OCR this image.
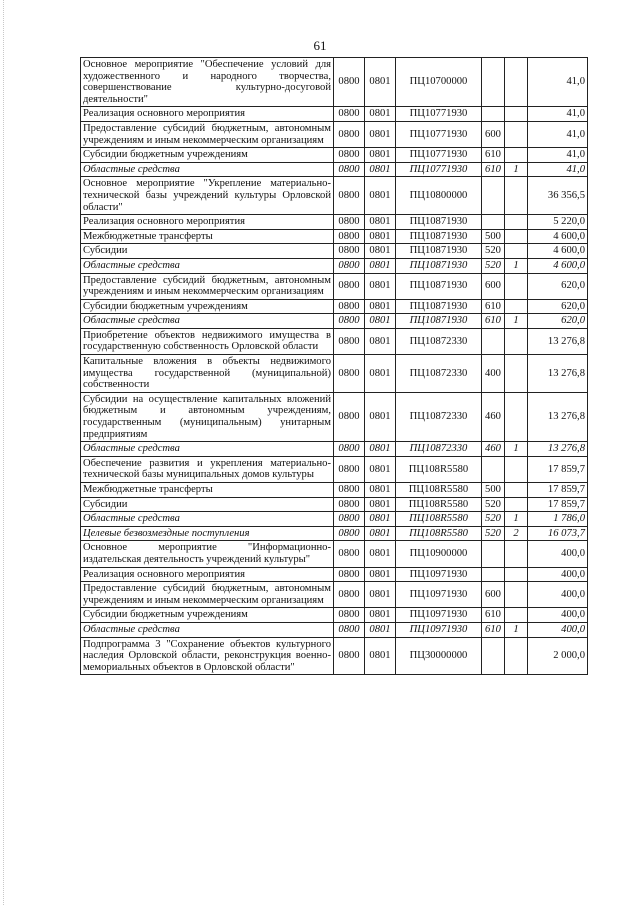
61
Основное мероприятие "Обеспечение условий для художественного и народного творчества, совершенствование культурно-досуговой деятельности"	0800	0801	ПЦ10700000			41,0
Реализация основного мероприятия	0800	0801	ПЦ10771930			41,0
Предоставление субсидий бюджетным, автономным учреждениям и иным некоммерческим организациям	0800	0801	ПЦ10771930	600		41,0
Субсидии бюджетным учреждениям	0800	0801	ПЦ10771930	610		41,0
Областные средства	0800	0801	ПЦ10771930	610	1	41,0
Основное мероприятие "Укрепление материально-технической базы учреждений культуры Орловской области"	0800	0801	ПЦ10800000			36 356,5
Реализация основного мероприятия	0800	0801	ПЦ10871930			5 220,0
Межбюджетные трансферты	0800	0801	ПЦ10871930	500		4 600,0
Субсидии	0800	0801	ПЦ10871930	520		4 600,0
Областные средства	0800	0801	ПЦ10871930	520	1	4 600,0
Предоставление субсидий бюджетным, автономным учреждениям и иным некоммерческим организациям	0800	0801	ПЦ10871930	600		620,0
Субсидии бюджетным учреждениям	0800	0801	ПЦ10871930	610		620,0
Областные средства	0800	0801	ПЦ10871930	610	1	620,0
Приобретение объектов недвижимого имущества в государственную собственность Орловской области	0800	0801	ПЦ10872330			13 276,8
Капитальные вложения в объекты недвижимого имущества государственной (муниципальной) собственности	0800	0801	ПЦ10872330	400		13 276,8
Субсидии на осуществление капитальных вложений бюджетным и автономным учреждениям, государственным (муниципальным) унитарным предприятиям	0800	0801	ПЦ10872330	460		13 276,8
Областные средства	0800	0801	ПЦ10872330	460	1	13 276,8
Обеспечение развития и укрепления материально-технической базы муниципальных домов культуры	0800	0801	ПЦ108R5580			17 859,7
Межбюджетные трансферты	0800	0801	ПЦ108R5580	500		17 859,7
Субсидии	0800	0801	ПЦ108R5580	520		17 859,7
Областные средства	0800	0801	ПЦ108R5580	520	1	1 786,0
Целевые безвозмездные поступления	0800	0801	ПЦ108R5580	520	2	16 073,7
Основное мероприятие "Информационно-издательская деятельность учреждений культуры"	0800	0801	ПЦ10900000			400,0
Реализация основного мероприятия	0800	0801	ПЦ10971930			400,0
Предоставление субсидий бюджетным, автономным учреждениям и иным некоммерческим организациям	0800	0801	ПЦ10971930	600		400,0
Субсидии бюджетным учреждениям	0800	0801	ПЦ10971930	610		400,0
Областные средства	0800	0801	ПЦ10971930	610	1	400,0
Подпрограмма 3 "Сохранение объектов культурного наследия Орловской области, реконструкция военно-мемориальных объектов в Орловской области"	0800	0801	ПЦ30000000			2 000,0
